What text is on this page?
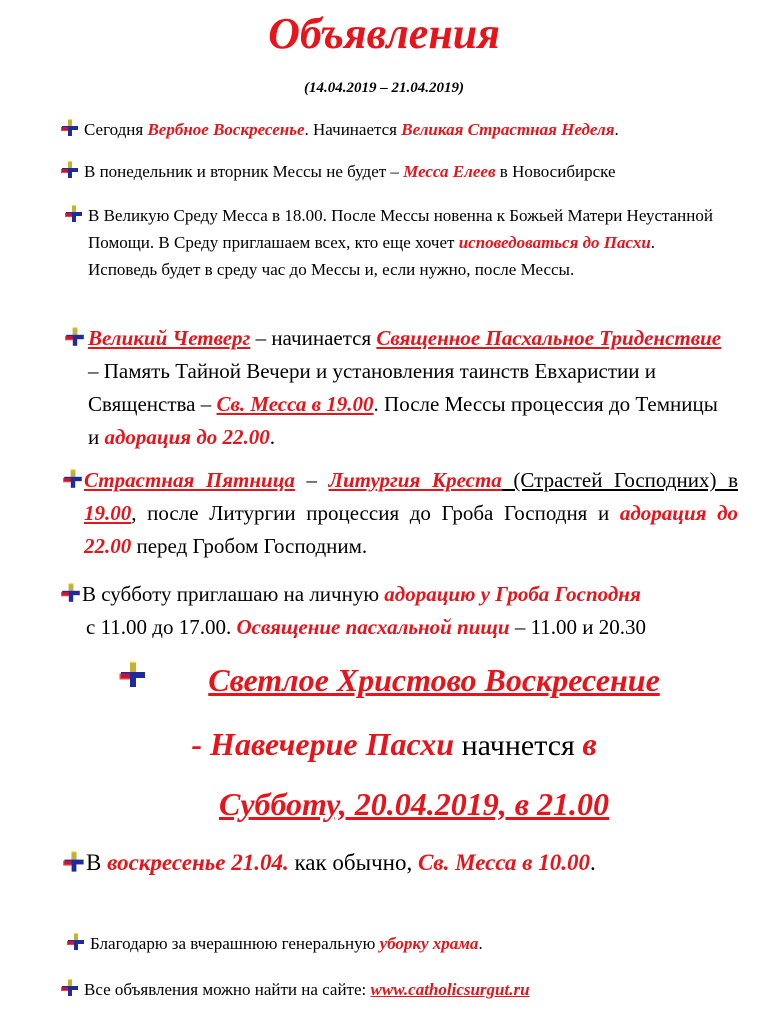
Объявления
(14.04.2019 – 21.04.2019)
Сегодня Вербное Воскресенье. Начинается Великая Страстная Неделя.
В понедельник и вторник Мессы не будет – Месса Елеев в Новосибирске
В Великую Среду Месса в 18.00. После Мессы новенна к Божьей Матери Неустанной Помощи. В Среду приглашаем всех, кто еще хочет исповедоваться до Пасхи. Исповедь будет в среду час до Мессы и, если нужно, после Мессы.
Великий Четверг – начинается Священное Пасхальное Триденствие – Память Тайной Вечери и установления таинств Евхаристии и Священства – Св. Месса в 19.00. После Мессы процессия до Темницы и адорация до 22.00.
Страстная Пятница – Литургия Креста (Страстей Господних) в 19.00, после Литургии процессия до Гроба Господня и адорация до 22.00 перед Гробом Господним.
В субботу приглашаю на личную адорацию у Гроба Господня
с 11.00 до 17.00. Освящение пасхальной пищи – 11.00 и 20.30
Светлое Христово Воскресение
- Навечерие Пасхи начнется в
Субботу, 20.04.2019, в 21.00
В воскресенье 21.04. как обычно, Св. Месса в 10.00.
Благодарю за вчерашнюю генеральную уборку храма.
Все объявления можно найти на сайте: www.catholicsurgut.ru
